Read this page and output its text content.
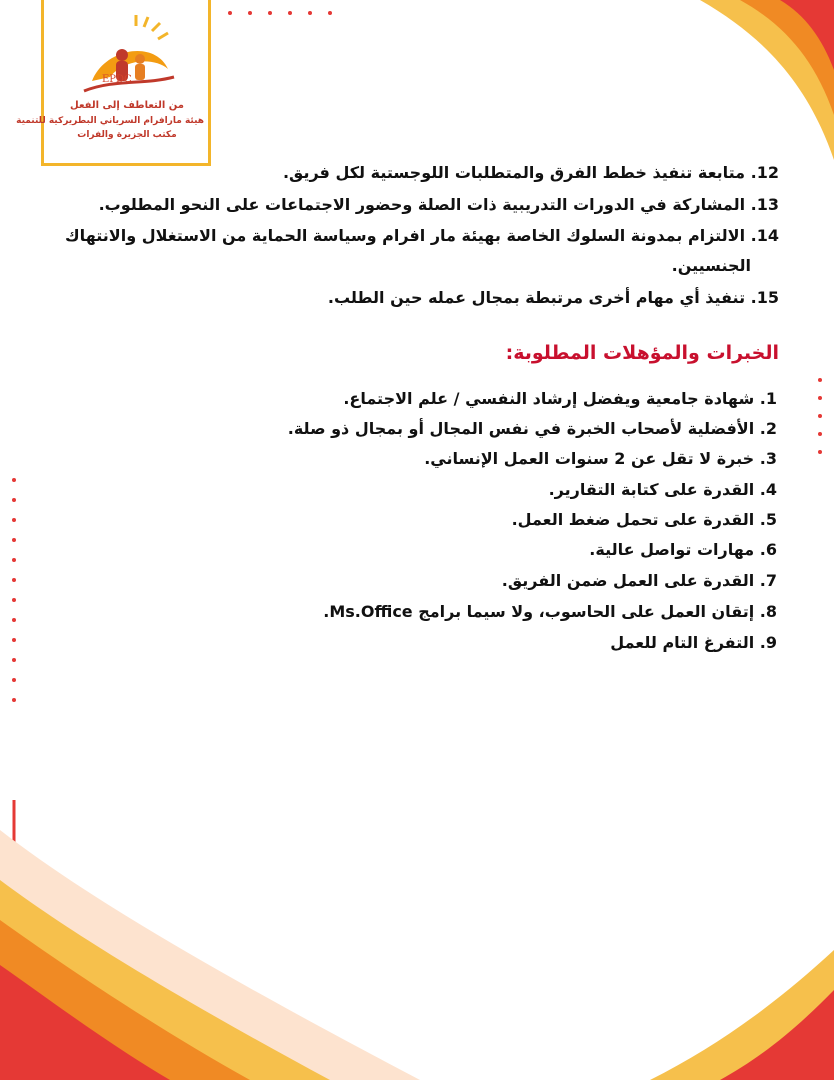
EPDC
من التعاطف إلى الفعل
هيئة مارافرام السرياني البطريركية للتنمية
مكتب الجزيرة والفرات
12. متابعة تنفيذ خطط الفرق والمتطلبات اللوجستية لكل فريق.
13. المشاركة في الدورات التدريبية ذات الصلة وحضور الاجتماعات على النحو المطلوب.
14. الالتزام بمدونة السلوك الخاصة بهيئة مار افرام وسياسة الحماية من الاستغلال والانتهاك
الجنسيين.
15. تنفيذ أي مهام أخرى مرتبطة بمجال عمله حين الطلب.
الخبرات والمؤهلات المطلوبة:
1. شهادة جامعية ويفضل إرشاد النفسي / علم الاجتماع.
2. الأفضلية لأصحاب الخبرة في نفس المجال أو بمجال ذو صلة.
3. خبرة لا تقل عن 2 سنوات العمل الإنساني.
4. القدرة على كتابة التقارير.
5. القدرة على تحمل ضغط العمل.
6. مهارات تواصل عالية.
7. القدرة على العمل ضمن الفريق.
8. إتقان العمل على الحاسوب، ولا سيما برامج Ms.Office.
9. التفرغ التام للعمل
